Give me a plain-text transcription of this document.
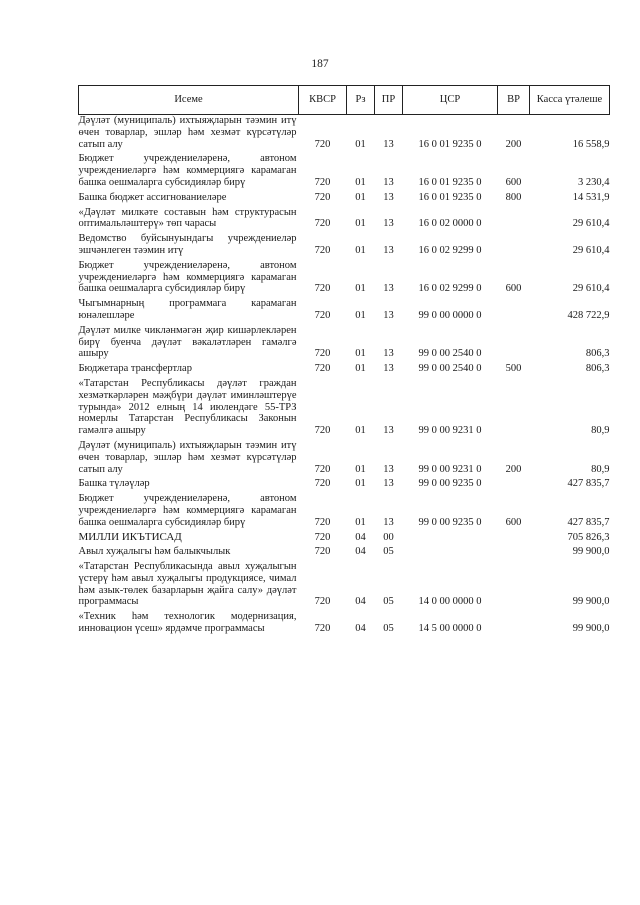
187
Исеме	КВСР	Рз	ПР	ЦСР	ВР	Касса үтәлеше
Дәүләт (муниципаль) ихтыяҗларын тәэмин итү өчен товарлар, эшләр һәм хезмәт күрсәтүләр сатып алу	720	01	13	16 0 01 9235 0	200	16 558,9
Бюджет учреждениеләренә, автоном учреждениеләргә һәм коммерциягә карамаган башка оешмаларга субсидияләр бирү	720	01	13	16 0 01 9235 0	600	3 230,4
Башка бюджет ассигнованиеләре	720	01	13	16 0 01 9235 0	800	14 531,9
«Дәүләт милкәте составын һәм структурасын оптимальләштерү» төп чарасы	720	01	13	16 0 02 0000 0		29 610,4
Ведомство буйсынуындагы учреждениеләр эшчәнлеген тәэмин итү	720	01	13	16 0 02 9299 0		29 610,4
Бюджет учреждениеләренә, автоном учреждениеләргә һәм коммерциягә карамаган башка оешмаларга субсидияләр бирү	720	01	13	16 0 02 9299 0	600	29 610,4
Чыгымнарның программага карамаган юнәлешләре	720	01	13	99 0 00 0000 0		428 722,9
Дәүләт милке чикләнмәгән җир кишәрлекләрен бирү буенча дәүләт вәкаләтләрен гамәлгә ашыру	720	01	13	99 0 00 2540 0		806,3
Бюджетара трансфертлар	720	01	13	99 0 00 2540 0	500	806,3
«Татарстан Республикасы дәүләт граждан хезмәткәрләрен мәҗбүри дәүләт иминләштерүе турында» 2012 елның 14 июлендәге 55-ТРЗ номерлы Татарстан Республикасы Законын гамәлгә ашыру	720	01	13	99 0 00 9231 0		80,9
Дәүләт (муниципаль) ихтыяҗларын тәэмин итү өчен товарлар, эшләр һәм хезмәт күрсәтүләр сатып алу	720	01	13	99 0 00 9231 0	200	80,9
Башка түләүләр	720	01	13	99 0 00 9235 0		427 835,7
Бюджет учреждениеләренә, автоном учреждениеләргә һәм коммерциягә карамаган башка оешмаларга субсидияләр бирү	720	01	13	99 0 00 9235 0	600	427 835,7
МИЛЛИ ИКЪТИСАД	720	04	00			705 826,3
Авыл хуҗалыгы һәм балыкчылык	720	04	05			99 900,0
«Татарстан Республикасында авыл хуҗалыгын үстерү һәм авыл хуҗалыгы продукциясе, чимал һәм азык-төлек базарларын җайга салу» дәүләт программасы	720	04	05	14 0 00 0000 0		99 900,0
«Техник һәм технологик модернизация, инновацион үсеш» ярдәмче программасы	720	04	05	14 5 00 0000 0		99 900,0
